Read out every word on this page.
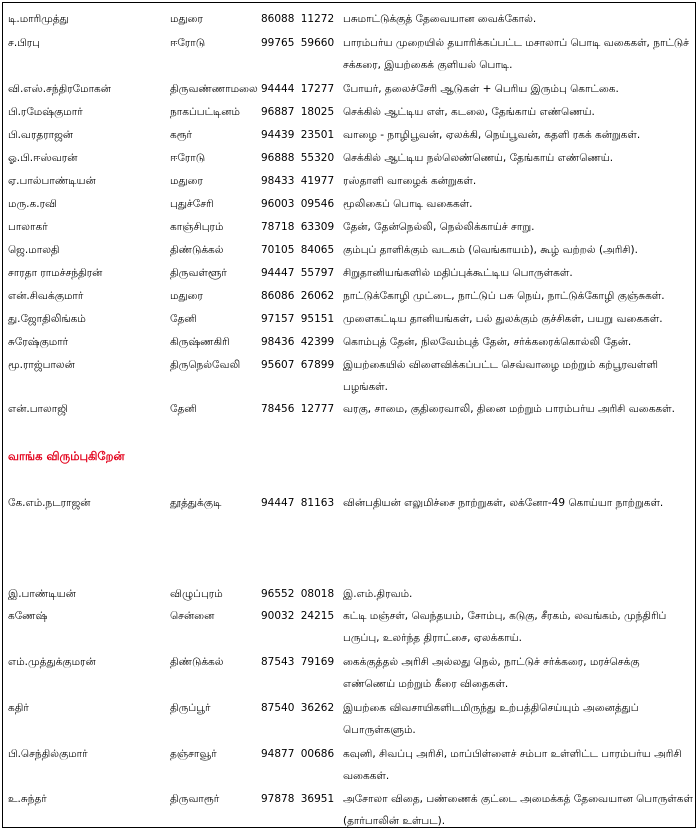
டி.மாரிமுத்து	மதுரை	86088 11272 பசுமாட்டுக்குத் தேவையான வைக்கோல்.
ச.பிரபு	ஈரோடு	99765 59660 பாரம்பர்ய முறையில் தயாரிக்கப்பட்ட மசாலாப் பொடி வகைகள், நாட்டுச் சக்கரை, இயற்கைக் குளியல் பொடி.
வி.எஸ்.சந்திரமோகன்	திருவண்ணாமலை 94444 17277 போயர், தலைச்சேரி ஆடுகள் + பெரிய இரும்பு கொட்கை.
பி.ரமேஷ்குமார்	நாகப்பட்டினம் 96887 18025 செக்கில் ஆட்டிய எள், கடலை, தேங்காய் எண்ணெய்.
பி.வரதராஜன்	கரூர்	94439 23501 வாழை - நாழிபூவன், ஏலக்கி, நெய்பூவன், கதளி ரகக் கன்றுகள்.
ஓ.பி.ஈஸ்வரன்	ஈரோடு	96888 55320 செக்கில் ஆட்டிய நல்லெண்ணெய், தேங்காய் எண்ணெய்.
ஏ.பால்பாண்டியன்	மதுரை	98433 41977 ரஸ்தாளி வாழைக் கன்றுகள்.
மரு.க.ரவி	புதுச்சேரி	96003 09546 மூலிகைப் பொடி வகைகள்.
பாலாகர்	காஞ்சிபுரம்	78718 63309 தேன், தேன்நெல்லி, நெல்லிக்காய்ச் சாறு.
ஜெ.மாலதி	திண்டுக்கல்	70105 84065 கும்புப் தாளிக்கும் வடகம் (வெங்காயம்), கூழ் வற்றல் (அரிசி).
சாரதா ராமச்சந்திரன்	திருவள்ளூர்	94447 55797 சிறுதானியங்களில் மதிப்புக்கூட்டிய பொருள்கள்.
என்.சிவக்குமார்	மதுரை	86086 26062 நாட்டுக்கோழி முட்டை, நாட்டுப் பசு நெய், நாட்டுக்கோழி குஞ்சுகள்.
து.ஜோதிலிங்கம்	தேனி	97157 95151 முளைகட்டிய தானியங்கள், பல் துலக்கும் குச்சிகள், பயறு வகைகள்.
சுரேஷ்குமார்	கிருஷ்ணகிரி	98436 42399 கொம்புத் தேன், நிலவேம்புத் தேன், சர்க்கரைக்கொல்லி தேன்.
மூ.ராஜ்பாலன்	திருநெல்வேலி 95607 67899 இயற்கையில் விளைவிக்கப்பட்ட செவ்வாழை மற்றும் கற்பூரவள்ளி பழங்கள்.
என்.பாலாஜி	தேனி	78456 12777 வரகு, சாமை, குதிரைவாலி, தினை மற்றும் பாரம்பர்ய அரிசி வகைகள்.
வாங்க விரும்புகிறேன்
கே.எம்.நடராஜன்	தூத்துக்குடி	94447 81163 வின்பதியன் எலுமிச்சை நாற்றுகள், லக்னோ-49 கொய்யா நாற்றுகள்.
இ.பாண்டியன்	விழுப்புரம்	96552 08018 இ.எம்.திரவம்.
கணேஷ்	சென்னை	90032 24215 கட்டி மஞ்சள், வெந்தயம், சோம்பு, கடுகு, சீரகம், லவங்கம், முந்திரிப் பருப்பு, உலர்ந்த திராட்சை, ஏலக்காய்.
எம்.முத்துக்குமரன்	திண்டுக்கல்	87543 79169 கைக்குத்தல் அரிசி அல்லது நெல், நாட்டுச் சர்க்கரை, மரச்செக்கு எண்ணெய் மற்றும் கீரை விதைகள்.
கதிர்	திருப்பூர்	87540 36262 இயற்கை விவசாயிகளிடமிருந்து உற்பத்திசெய்யும் அனைத்துப் பொருள்களும்.
பி.செந்தில்குமார்	தஞ்சாவூர்	94877 00686 கவுனி, சிவப்பு அரிசி, மாப்பிள்ளைச் சம்பா உள்ளிட்ட பாரம்பர்ய அரிசி வகைகள்.
உ.சுந்தர்	திருவாரூர்	97878 36951 அசோலா விதை, பண்ணைக் குட்டை அமைக்கத் தேவையான பொருள்கள் (தார்பாலின் உள்பட).
